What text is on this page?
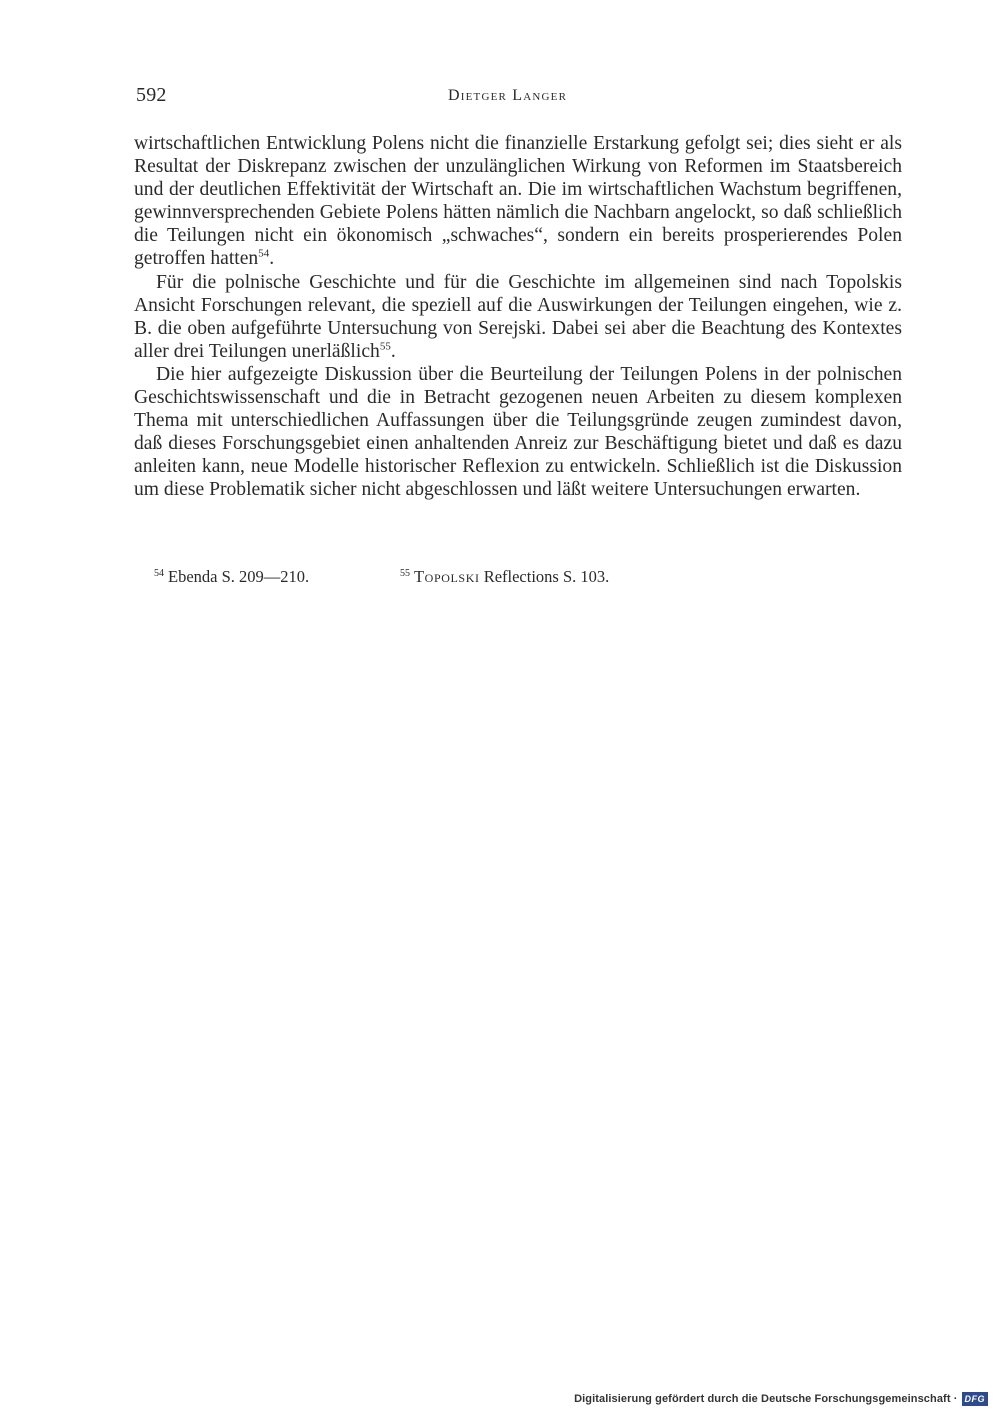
592	Dietger Langer

wirtschaftlichen Entwicklung Polens nicht die finanzielle Erstarkung gefolgt sei; dies sieht er als Resultat der Diskrepanz zwischen der unzulänglichen Wirkung von Reformen im Staatsbereich und der deutlichen Effektivität der Wirtschaft an. Die im wirtschaftlichen Wachstum begriffenen, gewinnversprechenden Gebiete Polens hätten nämlich die Nachbarn angelockt, so daß schließlich die Teilungen nicht ein ökonomisch „schwaches“, sondern ein bereits prosperierendes Polen getroffen hatten$^{54}$.

Für die polnische Geschichte und für die Geschichte im allgemeinen sind nach Topolskis Ansicht Forschungen relevant, die speziell auf die Auswirkungen der Teilungen eingehen, wie z. B. die oben aufgeführte Untersuchung von Serejski. Dabei sei aber die Beachtung des Kontextes aller drei Teilungen unerläßlich$^{55}$.

Die hier aufgezeigte Diskussion über die Beurteilung der Teilungen Polens in der polnischen Geschichtswissenschaft und die in Betracht gezogenen neuen Arbeiten zu diesem komplexen Thema mit unterschiedlichen Auffassungen über die Teilungsgründe zeugen zumindest davon, daß dieses Forschungsgebiet einen anhaltenden Anreiz zur Beschäftigung bietet und daß es dazu anleiten kann, neue Modelle historischer Reflexion zu entwickeln. Schließlich ist die Diskussion um diese Problematik sicher nicht abgeschlossen und läßt weitere Untersuchungen erwarten.

$^{54}$ Ebenda S. 209—210.	$^{55}$ Topolski Reflections S. 103.
Digitalisierung gefördert durch die Deutsche Forschungsgemeinschaft · DFG
